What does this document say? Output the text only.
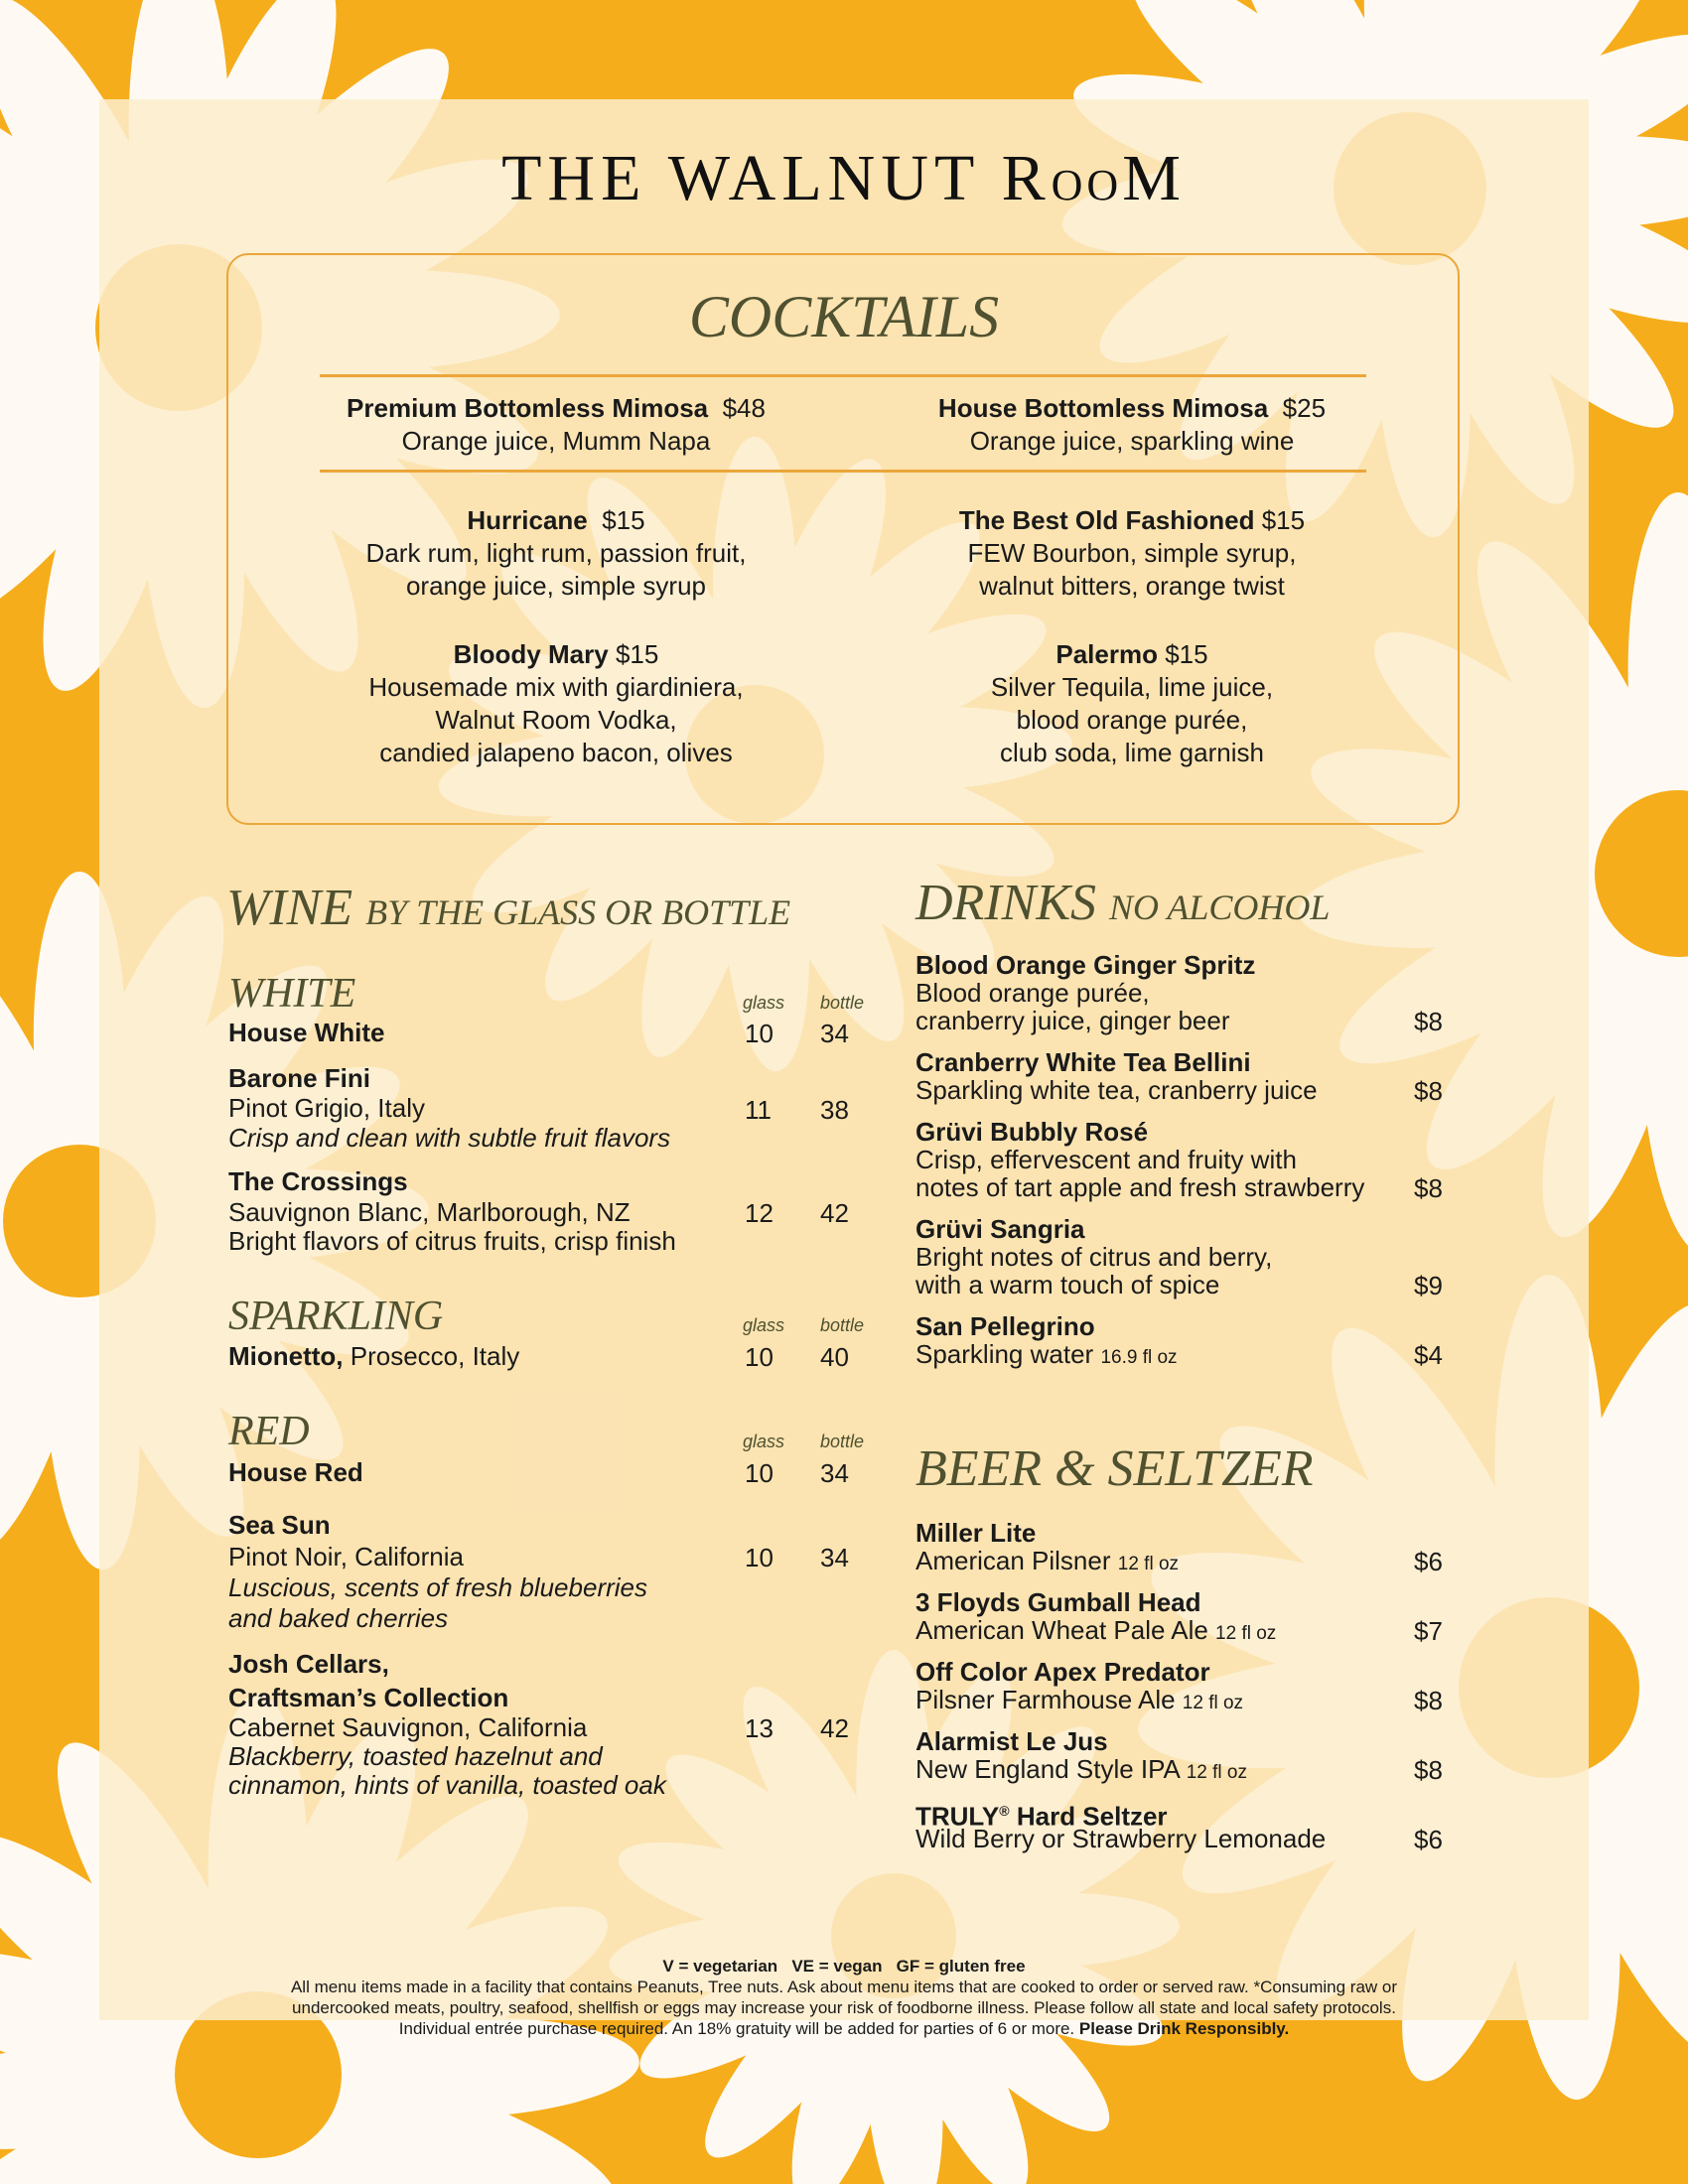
THE WALNUT ROOM
COCKTAILS
Premium Bottomless Mimosa $48
Orange juice, Mumm Napa
House Bottomless Mimosa $25
Orange juice, sparkling wine
Hurricane $15
Dark rum, light rum, passion fruit,
orange juice, simple syrup
The Best Old Fashioned $15
FEW Bourbon, simple syrup,
walnut bitters, orange twist
Bloody Mary $15
Housemade mix with giardiniera,
Walnut Room Vodka,
candied jalapeno bacon, olives
Palermo $15
Silver Tequila, lime juice,
blood orange purée,
club soda, lime garnish
WINE BY THE GLASS OR BOTTLE
WHITE	glass bottle
House White	10 34
Barone Fini
Pinot Grigio, Italy
Crisp and clean with subtle fruit flavors
11 38
The Crossings
Sauvignon Blanc, Marlborough, NZ
Bright flavors of citrus fruits, crisp finish
12 42
SPARKLING	glass bottle
Mionetto, Prosecco, Italy	10 40
RED	glass bottle
House Red	10 34
Sea Sun
Pinot Noir, California
Luscious, scents of fresh blueberries
and baked cherries
10 34
Josh Cellars,
Craftsman’s Collection
Cabernet Sauvignon, California
Blackberry, toasted hazelnut and
cinnamon, hints of vanilla, toasted oak
13 42
DRINKS NO ALCOHOL
Blood Orange Ginger Spritz
Blood orange purée,
cranberry juice, ginger beer	$8
Cranberry White Tea Bellini
Sparkling white tea, cranberry juice	$8
Grüvi Bubbly Rosé
Crisp, effervescent and fruity with
notes of tart apple and fresh strawberry $8
Grüvi Sangria
Bright notes of citrus and berry,
with a warm touch of spice	$9
San Pellegrino
Sparkling water 16.9 fl oz	$4
BEER & SELTZER
Miller Lite
American Pilsner 12 fl oz	$6
3 Floyds Gumball Head
American Wheat Pale Ale 12 fl oz	$7
Off Color Apex Predator
Pilsner Farmhouse Ale 12 fl oz	$8
Alarmist Le Jus
New England Style IPA 12 fl oz	$8
TRULY® Hard Seltzer
Wild Berry or Strawberry Lemonade	$6
V = vegetarian   VE = vegan   GF = gluten free
All menu items made in a facility that contains Peanuts, Tree nuts. Ask about menu items that are cooked to order or served raw. *Consuming raw or
undercooked meats, poultry, seafood, shellfish or eggs may increase your risk of foodborne illness. Please follow all state and local safety protocols.
Individual entrée purchase required. An 18% gratuity will be added for parties of 6 or more. Please Drink Responsibly.
